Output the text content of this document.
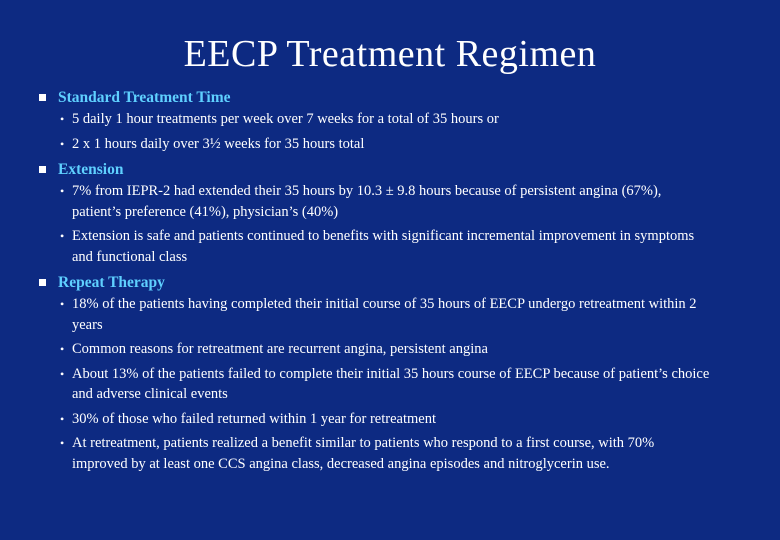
EECP Treatment Regimen
Standard Treatment Time
• 5 daily 1 hour treatments per week over 7 weeks for a total of 35 hours or
• 2 x 1 hours daily over 3½ weeks for 35 hours total
Extension
• 7% from IEPR-2 had extended their 35 hours by 10.3 ± 9.8 hours because of persistent angina (67%), patient’s preference (41%), physician’s (40%)
• Extension is safe and patients continued to benefits with significant incremental improvement in symptoms and functional class
Repeat Therapy
• 18% of the patients having completed their initial course of 35 hours of EECP undergo retreatment within 2 years
• Common reasons for retreatment are recurrent angina, persistent angina
• About 13% of the patients failed to complete their initial 35 hours course of EECP because of patient’s choice and adverse clinical events
• 30% of those who failed returned within 1 year for retreatment
• At retreatment, patients realized a benefit similar to patients who respond to a first course, with 70% improved by at least one CCS angina class, decreased angina episodes and nitroglycerin use.
